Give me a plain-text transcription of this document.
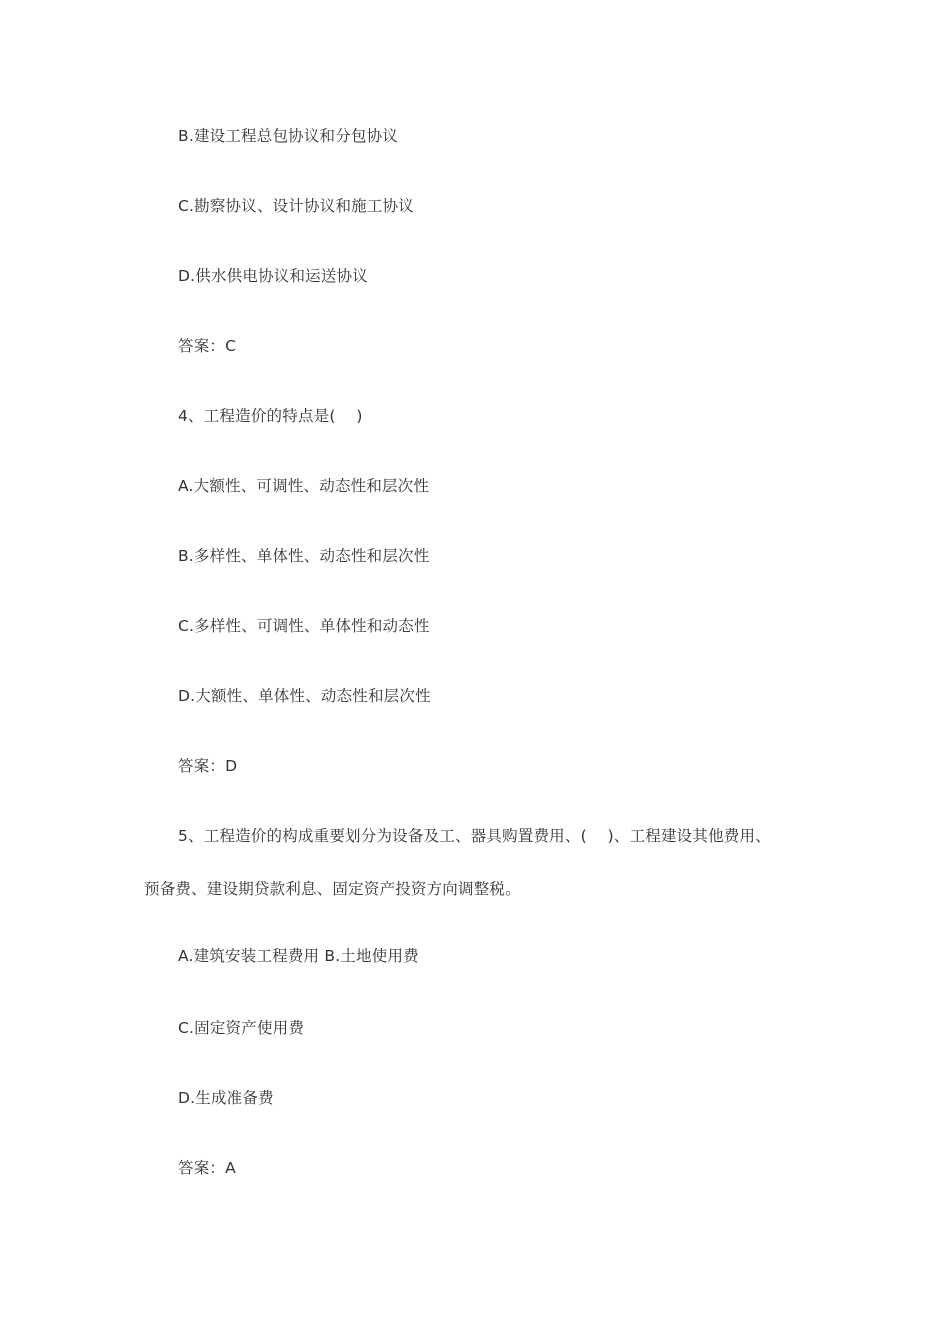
B.建设工程总包协议和分包协议
C.勘察协议、设计协议和施工协议
D.供水供电协议和运送协议
答案：C
4、工程造价的特点是(　 )
A.大额性、可调性、动态性和层次性
B.多样性、单体性、动态性和层次性
C.多样性、可调性、单体性和动态性
D.大额性、单体性、动态性和层次性
答案：D
5、工程造价的构成重要划分为设备及工、器具购置费用、(　 )、工程建设其他费用、
预备费、建设期贷款利息、固定资产投资方向调整税。
A.建筑安装工程费用 B.土地使用费
C.固定资产使用费
D.生成准备费
答案：A
